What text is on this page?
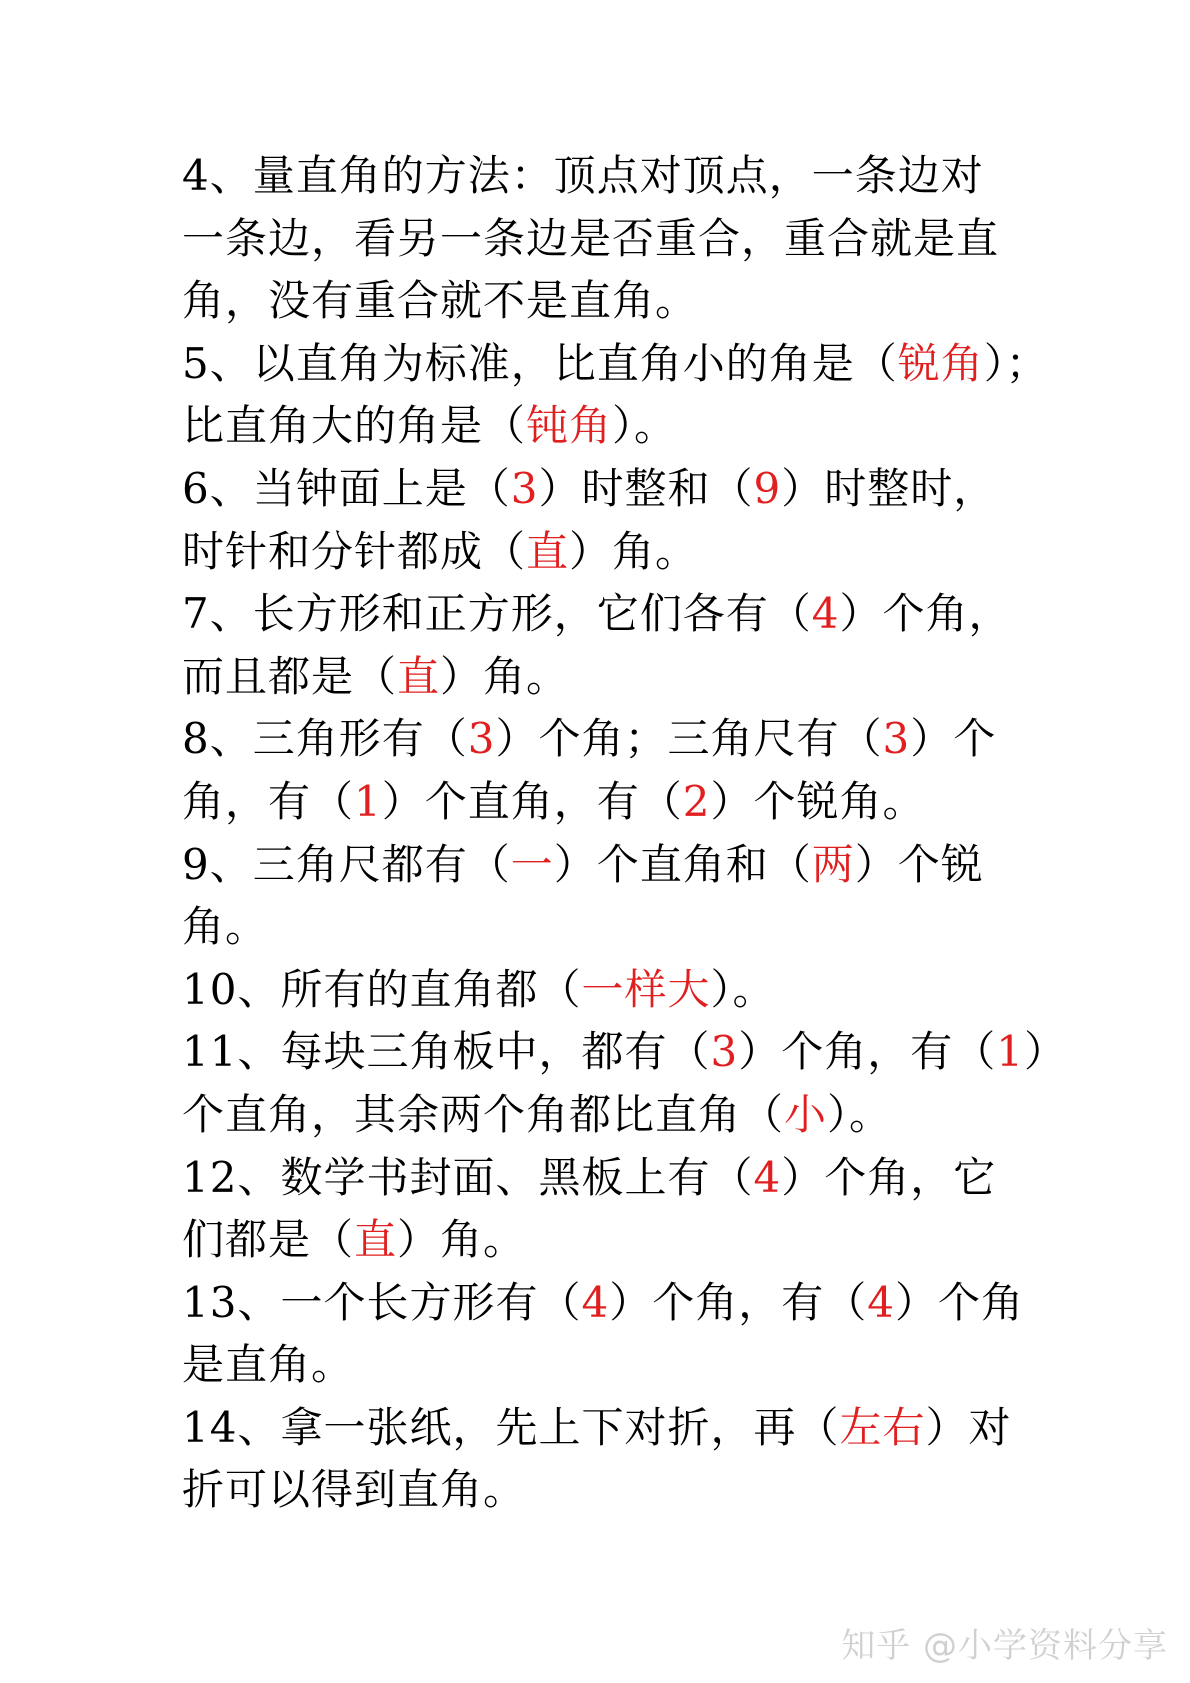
4、量直角的方法：顶点对顶点，一条边对
一条边，看另一条边是否重合，重合就是直
角，没有重合就不是直角。
5、以直角为标准，比直角小的角是（锐角）；
比直角大的角是（钝角）。
6、当钟面上是（3）时整和（9）时整时，
时针和分针都成（直）角。
7、长方形和正方形，它们各有（4）个角，
而且都是（直）角。
8、三角形有（3）个角；三角尺有（3）个
角，有（1）个直角，有（2）个锐角。
9、三角尺都有（一）个直角和（两）个锐
角。
10、所有的直角都（一样大）。
11、每块三角板中，都有（3）个角，有（1）
个直角，其余两个角都比直角（小）。
12、数学书封面、黑板上有（4）个角，它
们都是（直）角。
13、一个长方形有（4）个角，有（4）个角
是直角。
14、拿一张纸，先上下对折，再（左右）对
折可以得到直角。
知乎 @小学资料分享
